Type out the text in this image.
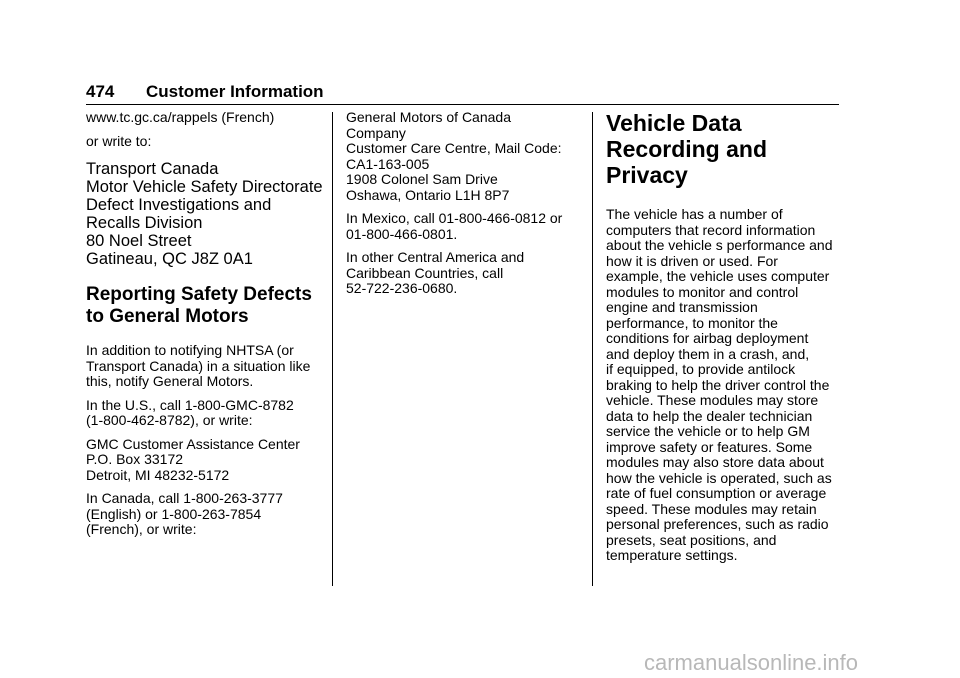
474 Customer Information

www.tc.gc.ca/rappels (French)

or write to:

Transport Canada
Motor Vehicle Safety Directorate
Defect Investigations and
Recalls Division
80 Noel Street
Gatineau, QC J8Z 0A1
Reporting Safety Defects
to General Motors

In addition to notifying NHTSA (or
Transport Canada) in a situation like
this, notify General Motors.

In the U.S., call 1-800-GMC-8782
(1-800-462-8782), or write:

GMC Customer Assistance Center
P.O. Box 33172
Detroit, MI 48232-5172

In Canada, call 1-800-263-3777
(English) or 1-800-263-7854
(French), or write:

General Motors of Canada
Company
Customer Care Centre, Mail Code:
CA1-163-005
1908 Colonel Sam Drive
Oshawa, Ontario L1H 8P7

In Mexico, call 01-800-466-0812 or
01-800-466-0801.

In other Central America and
Caribbean Countries, call
52-722-236-0680.

Vehicle Data
Recording and
Privacy

The vehicle has a number of
computers that record information
about the vehicle s performance and
how it is driven or used. For
example, the vehicle uses computer
modules to monitor and control
engine and transmission
performance, to monitor the
conditions for airbag deployment
and deploy them in a crash, and,
if equipped, to provide antilock
braking to help the driver control the
vehicle. These modules may store
data to help the dealer technician
service the vehicle or to help GM
improve safety or features. Some
modules may also store data about
how the vehicle is operated, such as
rate of fuel consumption or average
speed. These modules may retain
personal preferences, such as radio
presets, seat positions, and
temperature settings.

carmanualsonline.info
